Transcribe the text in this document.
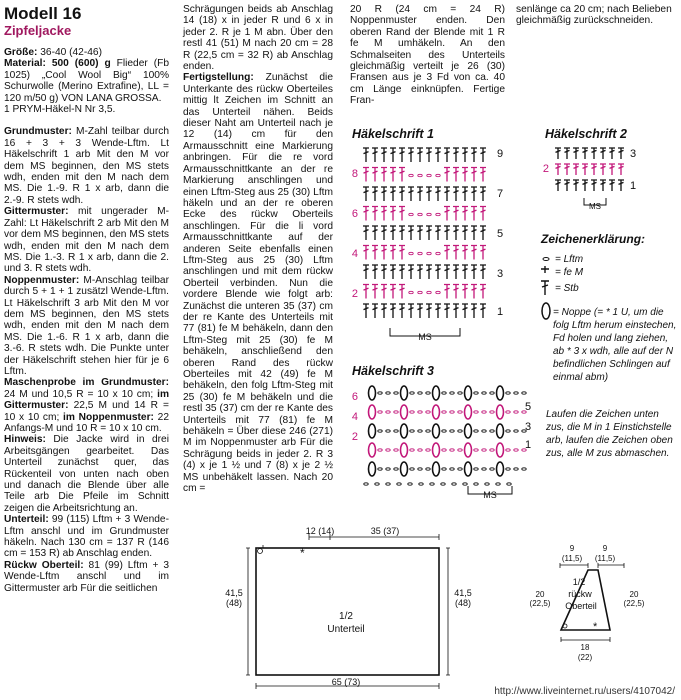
Modell 16
Zipfeljacke

Größe: 36-40 (42-46)

Material: 500 (600) g Flieder (Fb 1025) „Cool Wool Big“ 100% Schurwolle (Merino Extrafine), LL = 120 m/50 g) VON LANA GROSSA.

1 PRYM-Häkel-N Nr 3,5.

Grundmuster: M-Zahl teilbar durch 16 + 3 + 3 Wende-Lftm. Lt Häkelschrift 1 arb Mit den M vor dem MS beginnen, den MS stets wdh, enden mit den M nach dem MS. Die 1.-9. R 1 x arb, dann die 2.-9. R stets wdh.

Gittermuster: mit ungerader M-Zahl: Lt Häkelschrift 2 arb Mit den M vor dem MS beginnen, den MS stets wdh, enden mit den M nach dem MS. Die 1.-3. R 1 x arb, dann die 2. und 3. R stets wdh.

Noppenmuster: M-Anschlag teilbar durch 5 + 1 + 1 zusätzl Wende-Lftm. Lt Häkelschrift 3 arb Mit den M vor dem MS beginnen, den MS stets wdh, enden mit den M nach dem MS. Die 1.-6. R 1 x arb, dann die 3.-6. R stets wdh. Die Punkte unter der Häkelschrift stehen hier für je 6 Lftm.

Maschenprobe im Grundmuster: 24 M und 10,5 R = 10 x 10 cm; im Gittermuster: 22,5 M und 14 R = 10 x 10 cm; im Noppenmuster: 22 Anfangs-M und 10 R = 10 x 10 cm.

Hinweis: Die Jacke wird in drei Arbeitsgängen gearbeitet. Das Unterteil zunächst quer, das Rückenteil von unten nach oben und danach die Blende über alle Teile arb Die Pfeile im Schnitt zeigen die Arbeitsrichtung an.

Unterteil: 99 (115) Lftm + 3 Wende-Lftm anschl und im Grundmuster häkeln. Nach 130 cm = 137 R (146 cm = 153 R) ab Anschlag enden.

Rückw Oberteil: 81 (99) Lftm + 3 Wende-Lftm anschl und im Gittermuster arb Für die seitlichen

Schrägungen beids ab Anschlag 14 (18) x in jeder R und 6 x in jeder 2. R je 1 M abn. Über den restl 41 (51) M nach 20 cm = 28 R (22,5 cm = 32 R) ab Anschlag enden.

Fertigstellung: Zunächst die Unterkante des rückw Oberteiles mittig lt Zeichen im Schnitt an das Unterteil nähen. Beids dieser Naht am Unterteil nach je 12 (14) cm für den Armausschnitt eine Markierung anbringen. Für die re vord Armausschnittkante an der re Markierung anschlingen und einen Lftm-Steg aus 25 (30) Lftm häkeln und an der re oberen Ecke des rückw Oberteils anschlingen. Für die li vord Armausschnittkante auf der anderen Seite ebenfalls einen Lftm-Steg aus 25 (30) Lftm anschlingen und mit dem rückw Oberteil verbinden. Nun die vordere Blende wie folgt arb: Zunächst die unteren 35 (37) cm der re Kante des Unterteils mit 77 (81) fe M behäkeln, dann den Lftm-Steg mit 25 (30) fe M behäkeln, anschließend den oberen Rand des rückw Oberteiles mit 42 (49) fe M behäkeln, den folg Lftm-Steg mit 25 (30) fe M behäkeln und die restl 35 (37) cm der re Kante des Unterteils mit 77 (81) fe M behäkeln = Über diese 246 (271) M im Noppenmuster arb Für die Schrägung beids in jeder 2. R 3 (4) x je 1 ½ und 7 (8) x je 2 ½ MS unbehäkelt lassen. Nach 20 cm =

20 R (24 cm = 24 R) Noppenmuster enden. Den oberen Rand der Blende mit 1 R fe M umhäkeln. An den Schmalseiten des Unterteils gleichmäßig verteilt je 26 (30) Fransen aus je 3 Fd von ca. 40 cm Länge einknüpfen. Fertige Fran-

senlänge ca 20 cm; nach Belieben gleichmäßig zurückschneiden.

Häkelschrift 1	Häkelschrift 2
Häkelschrift 3
8
6
4
2
9
7
5
3
1
MS
2
3
1
MS
6
4
2
5
3
1
MS
*
12 (14)	35 (37)
41,5
(48)
41,5
(48)
1/2
Unterteil
65 (73)
*
9
(11,5)
9
(11,5)
20
(22,5)
20
(22,5)
1/2
rückw
Oberteil
18
(22)
Zeichenerklärung:
= Lftm
= fe M
= Stb
= Noppe (= * 1 U, um die folg Lftm herum einstechen, Fd holen und lang ziehen, ab * 3 x wdh, alle auf der N befindlichen Schlingen auf einmal abm)
Laufen die Zeichen unten zus, die M in 1 Einstichstelle arb, laufen die Zeichen oben zus, alle M zus abmaschen.
http://www.liveinternet.ru/users/4107042/
